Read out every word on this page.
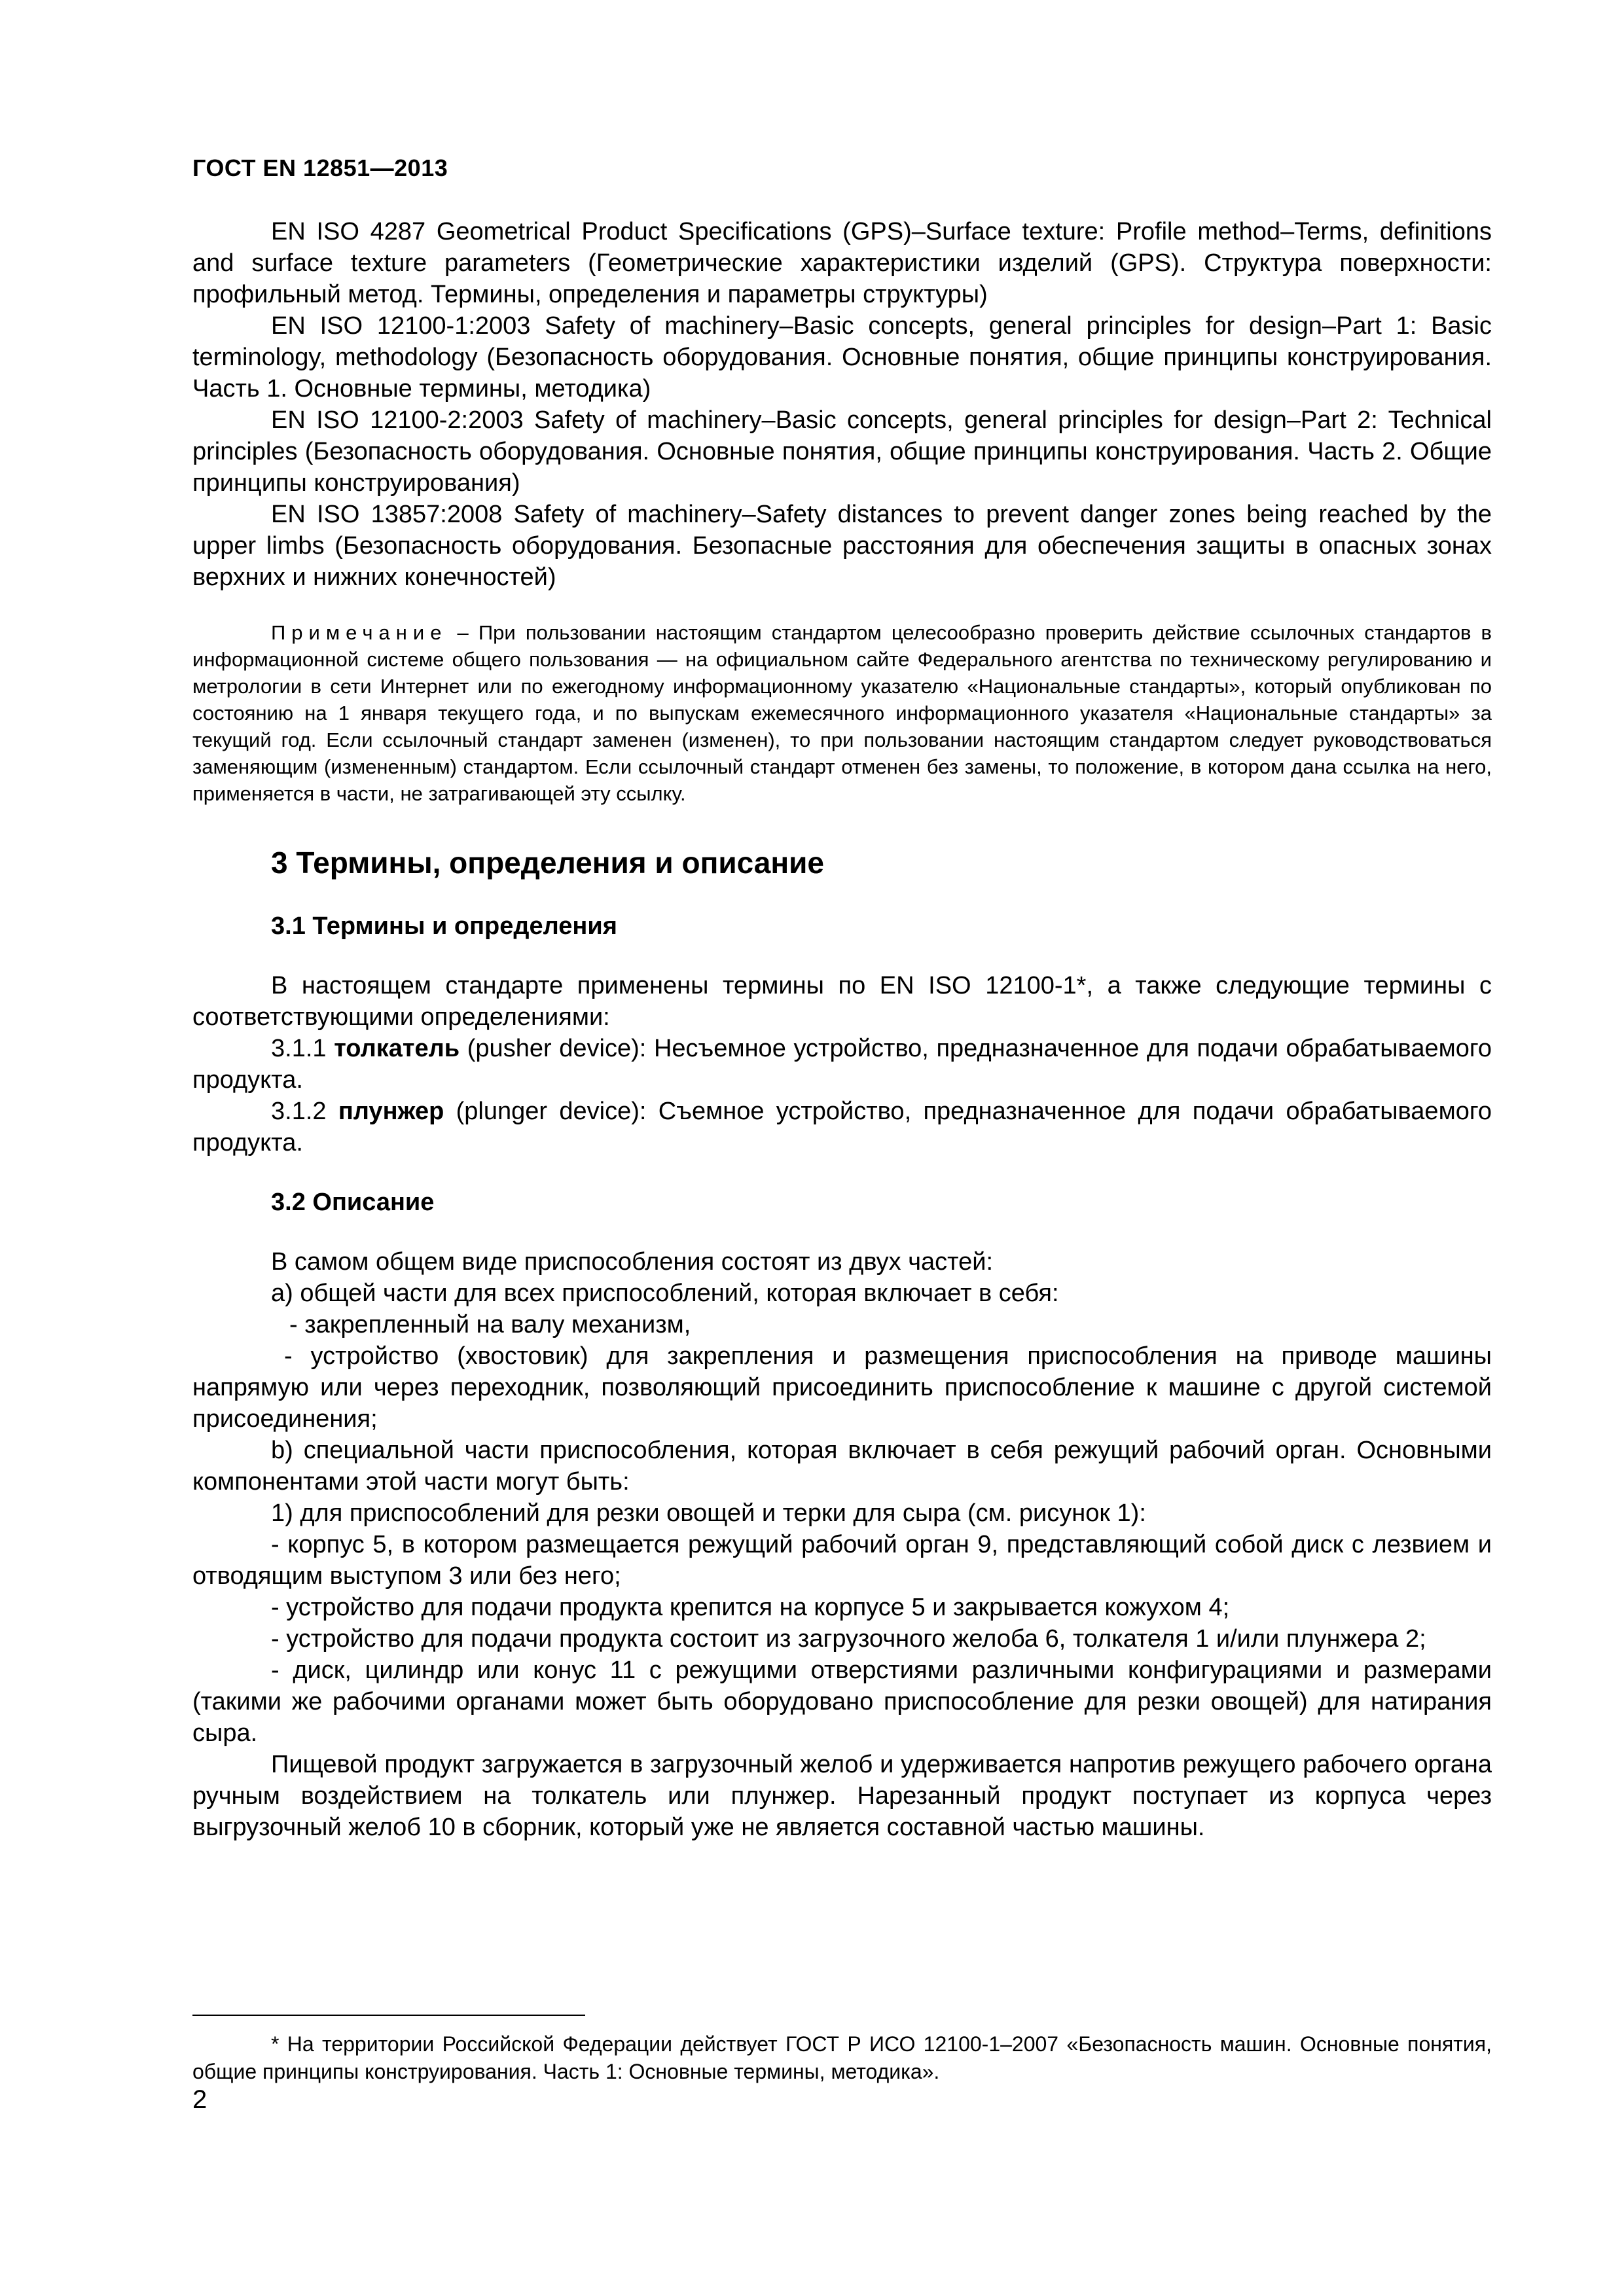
ГОСТ EN 12851—2013

EN ISO 4287 Geometrical Product Specifications (GPS)–Surface texture: Profile method–Terms, definitions and surface texture parameters (Геометрические характеристики изделий (GPS). Структура поверхности: профильный метод. Термины, определения и параметры структуры)

EN ISO 12100-1:2003 Safety of machinery–Basic concepts, general principles for design–Part 1: Basic terminology, methodology (Безопасность оборудования. Основные понятия, общие принципы конструирования. Часть 1. Основные термины, методика)

EN ISO 12100-2:2003 Safety of machinery–Basic concepts, general principles for design–Part 2: Technical principles (Безопасность оборудования. Основные понятия, общие принципы конструирования. Часть 2. Общие принципы конструирования)

EN ISO 13857:2008 Safety of machinery–Safety distances to prevent danger zones being reached by the upper limbs (Безопасность оборудования. Безопасные расстояния для обеспечения защиты в опасных зонах верхних и нижних конечностей)

Примечание – При пользовании настоящим стандартом целесообразно проверить действие ссылочных стандартов в информационной системе общего пользования — на официальном сайте Федерального агентства по техническому регулированию и метрологии в сети Интернет или по ежегодному информационному указателю «Национальные стандарты», который опубликован по состоянию на 1 января текущего года, и по выпускам ежемесячного информационного указателя «Национальные стандарты» за текущий год. Если ссылочный стандарт заменен (изменен), то при пользовании настоящим стандартом следует руководствоваться заменяющим (измененным) стандартом. Если ссылочный стандарт отменен без замены, то положение, в котором дана ссылка на него, применяется в части, не затрагивающей эту ссылку.

3 Термины, определения и описание
3.1 Термины и определения

В настоящем стандарте применены термины по EN ISO 12100-1*, а также следующие термины с соответствующими определениями:

3.1.1 толкатель (pusher device): Несъемное устройство, предназначенное для подачи обрабатываемого продукта.

3.1.2 плунжер (plunger device): Съемное устройство, предназначенное для подачи обрабатываемого продукта.

3.2 Описание

В самом общем виде приспособления состоят из двух частей:

а) общей части для всех приспособлений, которая включает в себя:

- закрепленный на валу механизм,

- устройство (хвостовик) для закрепления и размещения приспособления на приводе машины напрямую или через переходник, позволяющий присоединить приспособление к машине с другой системой присоединения;

b) специальной части приспособления, которая включает в себя режущий рабочий орган. Основными компонентами этой части могут быть:

1) для приспособлений для резки овощей и терки для сыра (см. рисунок 1):

- корпус 5, в котором размещается режущий рабочий орган 9, представляющий собой диск с лезвием и отводящим выступом 3 или без него;

- устройство для подачи продукта крепится на корпусе 5 и закрывается кожухом 4;

- устройство для подачи продукта состоит из загрузочного желоба 6, толкателя 1 и/или плунжера 2;

- диск, цилиндр или конус 11 с режущими отверстиями различными конфигурациями и размерами (такими же рабочими органами может быть оборудовано приспособление для резки овощей) для натирания сыра.

Пищевой продукт загружается в загрузочный желоб и удерживается напротив режущего рабочего органа ручным воздействием на толкатель или плунжер. Нарезанный продукт поступает из корпуса через выгрузочный желоб 10 в сборник, который уже не является составной частью машины.

* На территории Российской Федерации действует ГОСТ Р ИСО 12100-1–2007 «Безопасность машин. Основные понятия, общие принципы конструирования. Часть 1: Основные термины, методика».
2
